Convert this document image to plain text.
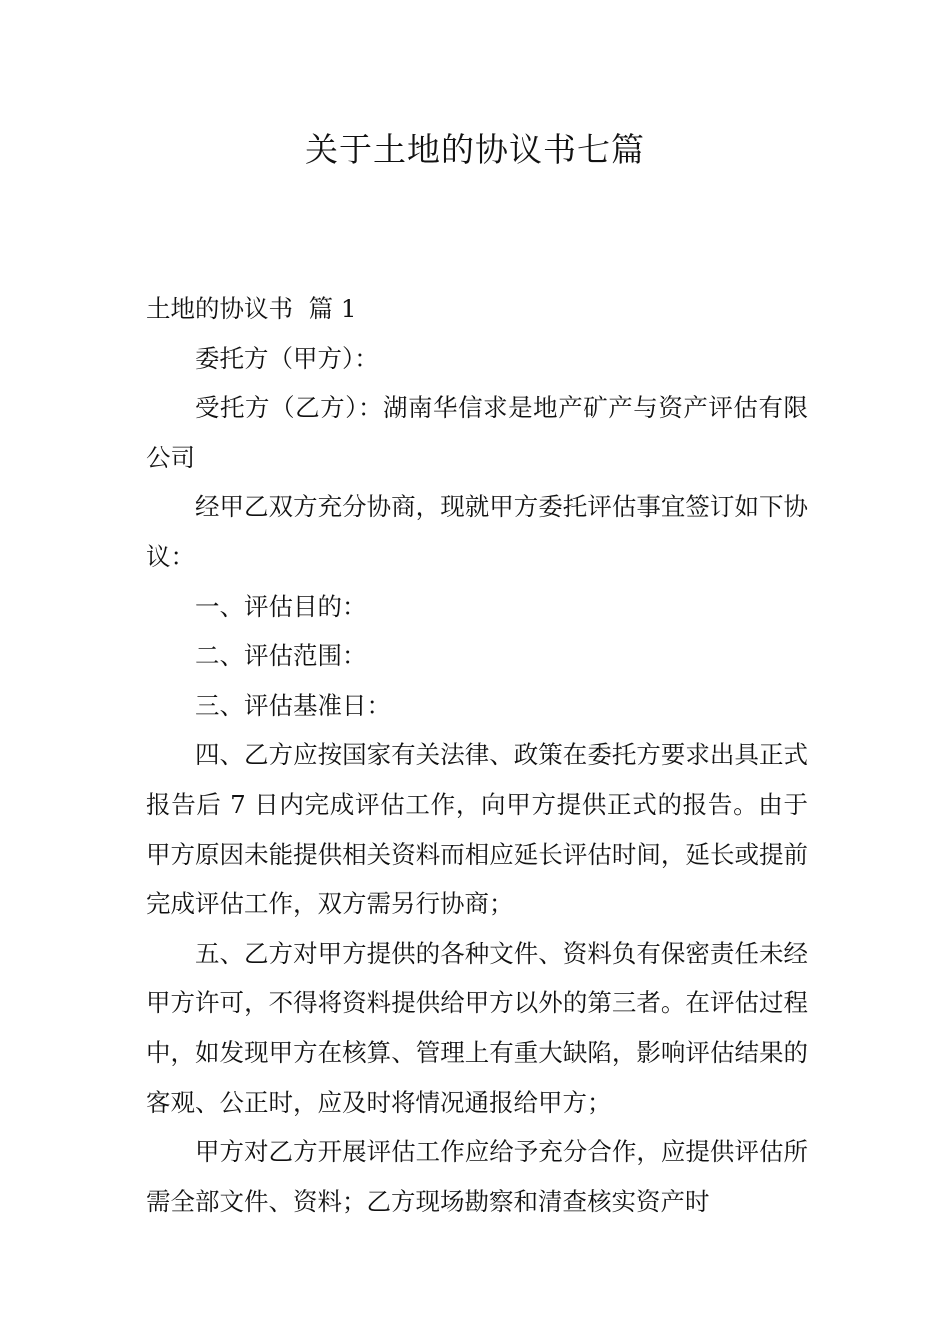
关于土地的协议书七篇

土地的协议书  篇 1

委托方（甲方）：

受托方（乙方）：湖南华信求是地产矿产与资产评估有限公司

经甲乙双方充分协商，现就甲方委托评估事宜签订如下协议：

一、评估目的：

二、评估范围：

三、评估基准日：

四、乙方应按国家有关法律、政策在委托方要求出具正式报告后 7 日内完成评估工作，向甲方提供正式的报告。由于甲方原因未能提供相关资料而相应延长评估时间，延长或提前完成评估工作，双方需另行协商；

五、乙方对甲方提供的各种文件、资料负有保密责任未经甲方许可，不得将资料提供给甲方以外的第三者。在评估过程中，如发现甲方在核算、管理上有重大缺陷，影响评估结果的客观、公正时，应及时将情况通报给甲方；

甲方对乙方开展评估工作应给予充分合作，应提供评估所需全部文件、资料；乙方现场勘察和清查核实资产时
